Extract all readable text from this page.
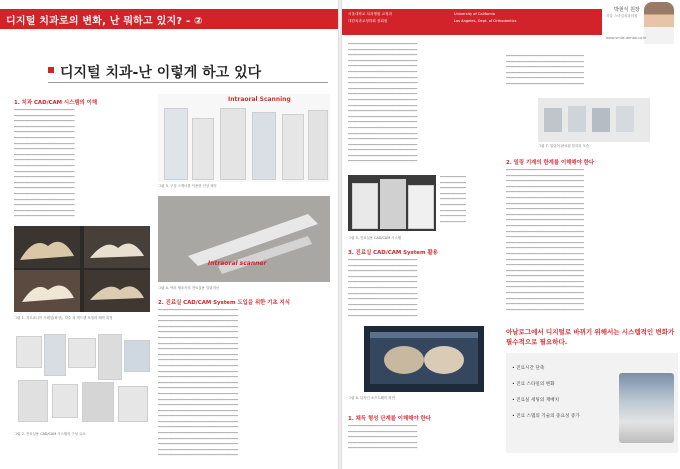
디지털 치과로의 변화, 난 뭐하고 있지? - ②
디지털 치과-난 이렇게 하고 있다
1. 치과 CAD/CAM 시스템의 이해
━━━━━━━━━━━━━━━━━━━━━━━━━━━━
━━━━━━━━━━━━━━━━━━━━━━━━━━━━
━━━━━━━━━━━━━━━━━━━━━━━━━━━━
━━━━━━━━━━━━━━━━━━━━━━━━━━━━
━━━━━━━━━━━━━━━━━━━━━━━━━━━━
━━━━━━━━━━━━━━━━━━━━━━━━━━━━
━━━━━━━━━━━━━━━━━━━━━━━━━━━━
━━━━━━━━━━━━━━━━━━━━━━━━━━━━
━━━━━━━━━━━━━━━━━━━━━━━━━━━━
━━━━━━━━━━━━━━━━━━━━━━━━━━━━
━━━━━━━━━━━━━━━━━━━━━━━━━━━━
━━━━━━━━━━━━━━━━━━━━━━━━━━━━
━━━━━━━━━━━━━━━━━━━━━━━━━━━━
━━━━━━━━━━━━━━━━━━━━━━━━━━━━
━━━━━━━━━━━━━━━━━━━━━━━━━━━━
━━━━━━━━━━━━━━━━━━━━━━━━━━━━
━━━━━━━━━━━━━━━━━━━━━━━━━━━━
━━━━━━━━━━━━━━━━━━━━━━━━━━━━
━━━━━━━━━━━━━━━━━━━━━━━━━━━━
━━━━━━━━━━━━━━━━━━━━━━━━━━━━
그림 1. 지르코니아 프레임(좌상), 다수 치 캐드캠 보철의 제작 과정
그림 2. 진료실용 CAD/CAM 시스템의 구성 요소
Intraoral Scanning
그림 3. 구강 스캐너를 이용한 인상 채득
Intraoral scanner
그림 4. 여러 제조사의 진료실용 밀링머신
2. 진료실 CAD/CAM System 도입을 위한 기초 지식
━━━━━━━━━━━━━━━━━━━━━━━━━━━━━━━━━━━━━
━━━━━━━━━━━━━━━━━━━━━━━━━━━━━━━━━━━━━
━━━━━━━━━━━━━━━━━━━━━━━━━━━━━━━━━━━━━
━━━━━━━━━━━━━━━━━━━━━━━━━━━━━━━━━━━━━
━━━━━━━━━━━━━━━━━━━━━━━━━━━━━━━━━━━━━
━━━━━━━━━━━━━━━━━━━━━━━━━━━━━━━━━━━━━
━━━━━━━━━━━━━━━━━━━━━━━━━━━━━━━━━━━━━
━━━━━━━━━━━━━━━━━━━━━━━━━━━━━━━━━━━━━
━━━━━━━━━━━━━━━━━━━━━━━━━━━━━━━━━━━━━
━━━━━━━━━━━━━━━━━━━━━━━━━━━━━━━━━━━━━
━━━━━━━━━━━━━━━━━━━━━━━━━━━━━━━━━━━━━
━━━━━━━━━━━━━━━━━━━━━━━━━━━━━━━━━━━━━
━━━━━━━━━━━━━━━━━━━━━━━━━━━━━━━━━━━━━
━━━━━━━━━━━━━━━━━━━━━━━━━━━━━━━━━━━━━
━━━━━━━━━━━━━━━━━━━━━━━━━━━━━━━━━━━━━
━━━━━━━━━━━━━━━━━━━━━━━━━━━━━━━━━━━━━
━━━━━━━━━━━━━━━━━━━━━━━━━━━━━━━━━━━━━
━━━━━━━━━━━━━━━━━━━━━━━━━━━━━━━━━━━━━
━━━━━━━━━━━━━━━━━━━━━━━━━━━━━━━━━━━━━
━━━━━━━━━━━━━━━━━━━━━━━━━━━━━━━━━━━━━
━━━━━━━━━━━━━━━━━━━━━━━━━━━━━━━━━━━━━
━━━━━━━━━━━━━━━━━━━━━━━━━━━━━━━━━━━━━
━━━━━━━━━━━━━━━━━━━━━━━━━━━━━━━━━━━━━
━━━━━━━━━━━━━━━━━━━━━━━━━━━━━━━━━━━━━
━━━━━━━━━━━━━━━━━━━━━━━━━━━━━━━━━━━━━
━━━━━━━━━━━━━━━━━━━━━━━━━━━━━━━━━━━━━
━━━━━━━━━━━━━━━━━━━━━━━━━━━━━━━━━━━━━
서울대학교 치과병원 교정과
대한치과교정학회 정회원
University of California
Los Angeles, Dept. of Orthodontics
박현식 원장
서울 스마일치과의원
www.smile-dental.co.kr
━━━━━━━━━━━━━━━━━━━━━━━━━━━━━━━━
━━━━━━━━━━━━━━━━━━━━━━━━━━━━━━━━
━━━━━━━━━━━━━━━━━━━━━━━━━━━━━━━━
━━━━━━━━━━━━━━━━━━━━━━━━━━━━━━━━
━━━━━━━━━━━━━━━━━━━━━━━━━━━━━━━━
━━━━━━━━━━━━━━━━━━━━━━━━━━━━━━━━
━━━━━━━━━━━━━━━━━━━━━━━━━━━━━━━━
━━━━━━━━━━━━━━━━━━━━━━━━━━━━━━━━
━━━━━━━━━━━━━━━━━━━━━━━━━━━━━━━━
━━━━━━━━━━━━━━━━━━━━━━━━━━━━━━━━
━━━━━━━━━━━━━━━━━━━━━━━━━━━━━━━━
━━━━━━━━━━━━━━━━━━━━━━━━━━━━━━━━
━━━━━━━━━━━━━━━━━━━━━━━━━━━━━━━━
━━━━━━━━━━━━━━━━━━━━━━━━━━━━━━━━
━━━━━━━━━━━━━━━━━━━━━━━━━━━━━━━━
━━━━━━━━━━━━━━━━━━━━━━━━━━━━━━━━
━━━━━━━━━━━━━━━━━━━━━━━━━━━━━━━━
━━━━━━━━━━━━━━━━━━━━━━━━━━━━━━━━
━━━━━━━━━━━━━━━━━━━━━━━━━━━━━━━━
━━━━━━━━━━━━━━━━━━━━━━━━━━━━━━━━
━━━━━━━━━━━━━━━━━━━━━━━━━━━━━━━━
━━━━━━━━━━━━━━━━━━━━━━━━━━━━━━━━
━━━━━━━━━━━━
━━━━━━━━━━━━
━━━━━━━━━━━━
━━━━━━━━━━━━
━━━━━━━━━━━━
━━━━━━━━━━━━
━━━━━━━━━━━━
━━━━━━━━━━━━
━━━━━━━━━━━━
그림 5. 진료실용 CAD/CAM 시스템
3. 진료실 CAD/CAM System 활용
━━━━━━━━━━━━━━━━━━━━━━━━━━━━━━━━
━━━━━━━━━━━━━━━━━━━━━━━━━━━━━━━━
━━━━━━━━━━━━━━━━━━━━━━━━━━━━━━━━
━━━━━━━━━━━━━━━━━━━━━━━━━━━━━━━━
━━━━━━━━━━━━━━━━━━━━━━━━━━━━━━━━
━━━━━━━━━━━━━━━━━━━━━━━━━━━━━━━━
━━━━━━━━━━━━━━━━━━━━━━━━━━━━━━━━
━━━━━━━━━━━━━━━━━━━━━━━━━━━━━━━━
━━━━━━━━━━━━━━━━━━━━━━━━━━━━━━━━
━━━━━━━━━━━━━━━━━━━━━━━━━━━━━━━━
━━━━━━━━━━━━━━━━━━━━━━━━━━━━━━━━
그림 6. 디자인 소프트웨어 화면
1. 채득 형성 단계를 이해해야 한다
━━━━━━━━━━━━━━━━━━━━━━━━━━━━━━━━
━━━━━━━━━━━━━━━━━━━━━━━━━━━━━━━━
━━━━━━━━━━━━━━━━━━━━━━━━━━━━━━━━
━━━━━━━━━━━━━━━━━━━━━━━━━━━━━━━━
━━━━━━━━━━━━━━━━━━━━━━━━━━━━━━━━
━━━━━━━━━━━━━━━━━━━━━━━━━━━━━━━━━━━━
━━━━━━━━━━━━━━━━━━━━━━━━━━━━━━━━━━━━
━━━━━━━━━━━━━━━━━━━━━━━━━━━━━━━━━━━━
━━━━━━━━━━━━━━━━━━━━━━━━━━━━━━━━━━━━
━━━━━━━━━━━━━━━━━━━━━━━━━━━━━━━━━━━━
━━━━━━━━━━━━━━━━━━━━━━━━━━━━━━━━━━━━
그림 7. 밀링이 완료된 블록의 모습
2. 밀링 기계의 한계를 이해해야 한다
━━━━━━━━━━━━━━━━━━━━━━━━━━━━━━━━━━━━
━━━━━━━━━━━━━━━━━━━━━━━━━━━━━━━━━━━━
━━━━━━━━━━━━━━━━━━━━━━━━━━━━━━━━━━━━
━━━━━━━━━━━━━━━━━━━━━━━━━━━━━━━━━━━━
━━━━━━━━━━━━━━━━━━━━━━━━━━━━━━━━━━━━
━━━━━━━━━━━━━━━━━━━━━━━━━━━━━━━━━━━━
━━━━━━━━━━━━━━━━━━━━━━━━━━━━━━━━━━━━
━━━━━━━━━━━━━━━━━━━━━━━━━━━━━━━━━━━━
━━━━━━━━━━━━━━━━━━━━━━━━━━━━━━━━━━━━
━━━━━━━━━━━━━━━━━━━━━━━━━━━━━━━━━━━━
━━━━━━━━━━━━━━━━━━━━━━━━━━━━━━━━━━━━
━━━━━━━━━━━━━━━━━━━━━━━━━━━━━━━━━━━━
━━━━━━━━━━━━━━━━━━━━━━━━━━━━━━━━━━━━
━━━━━━━━━━━━━━━━━━━━━━━━━━━━━━━━━━━━
━━━━━━━━━━━━━━━━━━━━━━━━━━━━━━━━━━━━
━━━━━━━━━━━━━━━━━━━━━━━━━━━━━━━━━━━━
━━━━━━━━━━━━━━━━━━━━━━━━━━━━━━━━━━━━
━━━━━━━━━━━━━━━━━━━━━━━━━━━━━━━━━━━━
━━━━━━━━━━━━━━━━━━━━━━━━━━━━━━━━━━━━
━━━━━━━━━━━━━━━━━━━━━━━━━━━━━━━━━━━━
━━━━━━━━━━━━━━━━━━━━━━━━━━━━━━━━━━━━
━━━━━━━━━━━━━━━━━━━━━━━━━━━━━━━━━━━━
━━━━━━━━━━━━━━━━━━━━━━━━━━━━━━━━━━━━
━━━━━━━━━━━━━━━━━━━━━━━━━━━━━━━━━━━━
━━━━━━━━━━━━━━━━━━━━━━━━━━━━━━━━━━━━
━━━━━━━━━━━━━━━━━━━━━━━━━━━━━━━━━━━━
아날로그에서 디지털로 바뀌기 위해서는 시스템적인 변화가 필수적으로 필요하다.
• 진료시간 단축
• 진료 스타일의 변화
• 진료실 세팅의 재배치
• 진료 스탭의 기술의 중요성 증가
